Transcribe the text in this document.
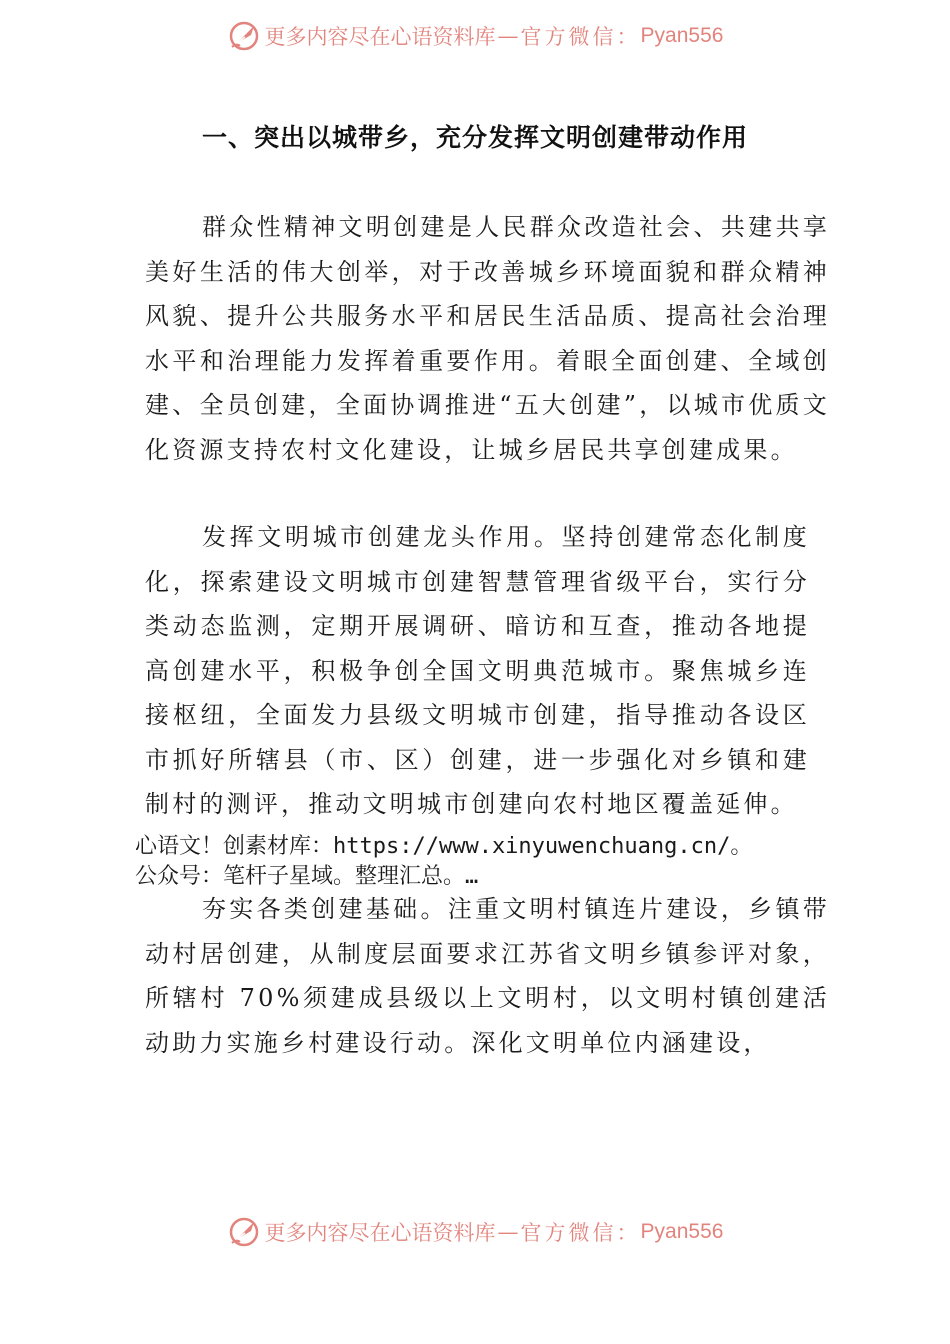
更多内容尽在心语资料库 — 官方微信： Pyan556
一、突出以城带乡，充分发挥文明创建带动作用

群众性精神文明创建是人民群众改造社会、共建共享美好生活的伟大创举，对于改善城乡环境面貌和群众精神风貌、提升公共服务水平和居民生活品质、提高社会治理水平和治理能力发挥着重要作用。着眼全面创建、全域创建、全员创建，全面协调推进“五大创建”，以城市优质文化资源支持农村文化建设，让城乡居民共享创建成果。

发挥文明城市创建龙头作用。坚持创建常态化制度化，探索建设文明城市创建智慧管理省级平台，实行分类动态监测，定期开展调研、暗访和互查，推动各地提高创建水平，积极争创全国文明典范城市。聚焦城乡连接枢纽，全面发力县级文明城市创建，指导推动各设区市抓好所辖县（市、区）创建，进一步强化对乡镇和建制村的测评，推动文明城市创建向农村地区覆盖延伸。

心语文！创素材库：https://www.xinyuwenchuang.cn/。

公众号：笔杆子星域。整理汇总。…

夯实各类创建基础。注重文明村镇连片建设，乡镇带动村居创建，从制度层面要求江苏省文明乡镇参评对象，所辖村 70%须建成县级以上文明村，以文明村镇创建活动助力实施乡村建设行动。深化文明单位内涵建设，

更多内容尽在心语资料库 — 官方微信： Pyan556
